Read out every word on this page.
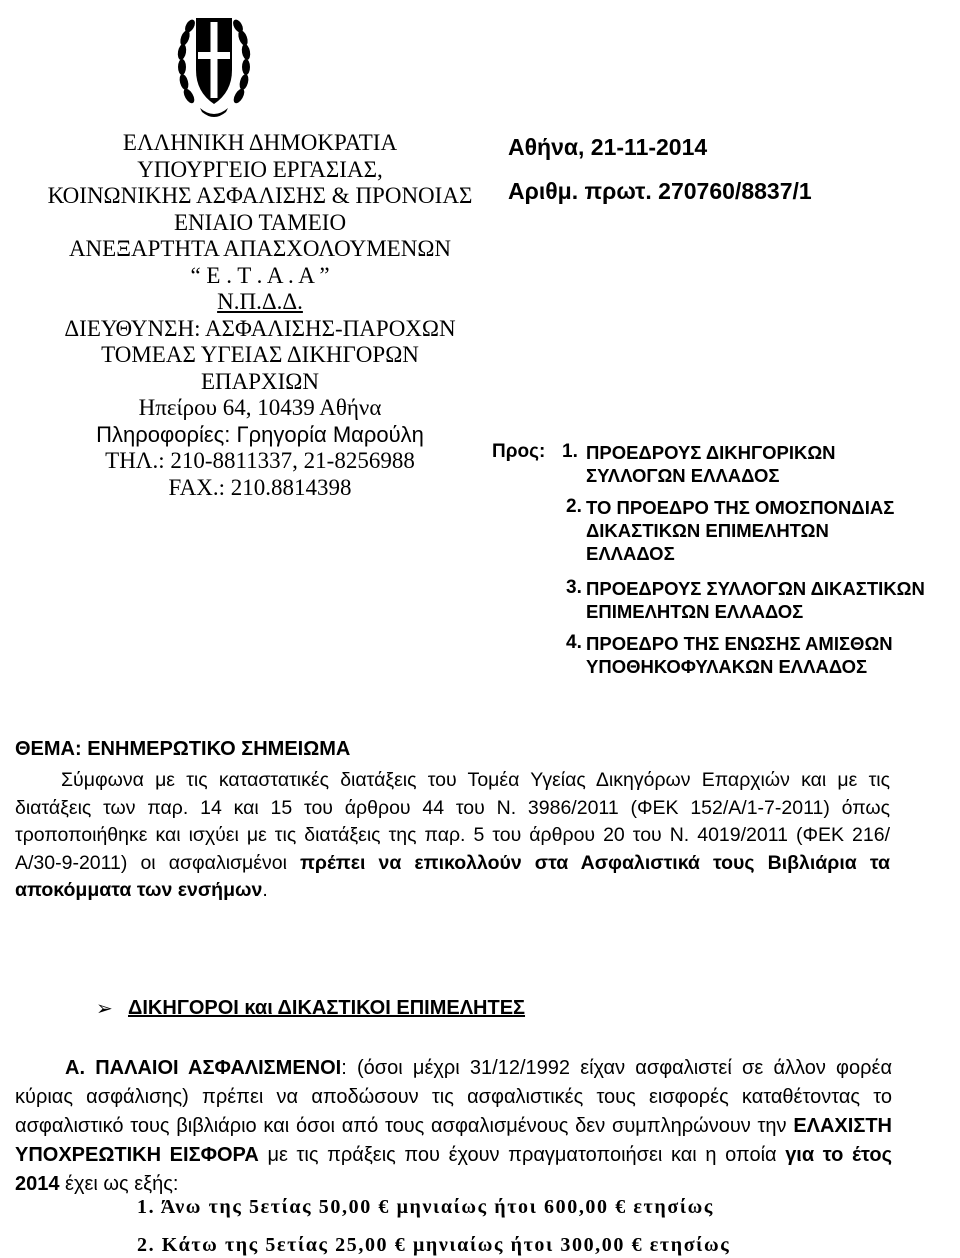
ΕΛΛΗΝΙΚΗ ΔΗΜΟΚΡΑΤΙΑ
ΥΠΟΥΡΓΕΙΟ ΕΡΓΑΣΙΑΣ,
ΚΟΙΝΩΝΙΚΗΣ ΑΣΦΑΛΙΣΗΣ & ΠΡΟΝΟΙΑΣ
ΕΝΙΑΙΟ ΤΑΜΕΙΟ
ΑΝΕΞΑΡΤΗΤΑ ΑΠΑΣΧΟΛΟΥΜΕΝΩΝ
“ Ε . Τ . Α . Α ”
Ν.Π.Δ.Δ.
ΔΙΕΥΘΥΝΣΗ: ΑΣΦΑΛΙΣΗΣ-ΠΑΡΟΧΩΝ
ΤΟΜΕΑΣ ΥΓΕΙΑΣ ΔΙΚΗΓΟΡΩΝ
ΕΠΑΡΧΙΩΝ
Ηπείρου 64, 10439 Αθήνα
Πληροφορίες: Γρηγορία Μαρούλη
ΤΗΛ.: 210-8811337, 21-8256988
FAX.: 210.8814398
Αθήνα, 21-11-2014
Αριθμ. πρωτ. 270760/8837/1
Προς: 1. ΠΡΟΕΔΡΟΥΣ ΔΙΚΗΓΟΡΙΚΩΝ
ΣΥΛΛΟΓΩΝ ΕΛΛΑΔΟΣ
2. ΤΟ ΠΡΟΕΔΡΟ ΤΗΣ ΟΜΟΣΠΟΝΔΙΑΣ
ΔΙΚΑΣΤΙΚΩΝ ΕΠΙΜΕΛΗΤΩΝ
ΕΛΛΑΔΟΣ
3. ΠΡΟΕΔΡΟΥΣ ΣΥΛΛΟΓΩΝ ΔΙΚΑΣΤΙΚΩΝ
ΕΠΙΜΕΛΗΤΩΝ ΕΛΛΑΔΟΣ
4. ΠΡΟΕΔΡΟ ΤΗΣ ΕΝΩΣΗΣ ΑΜΙΣΘΩΝ
ΥΠΟΘΗΚΟΦΥΛΑΚΩΝ ΕΛΛΑΔΟΣ
ΘΕΜΑ: ΕΝΗΜΕΡΩΤΙΚΟ ΣΗΜΕΙΩΜΑ
Σύμφωνα με τις καταστατικές διατάξεις του Τομέα Υγείας Δικηγόρων Επαρχιών και με τις διατάξεις των παρ. 14 και 15 του άρθρου 44 του Ν. 3986/2011 (ΦΕΚ 152/Α/1-7-2011) όπως τροποποιήθηκε και ισχύει με τις διατάξεις της παρ. 5 του άρθρου 20 του Ν. 4019/2011 (ΦΕΚ 216/Α/30-9-2011) οι ασφαλισμένοι πρέπει να επικολλούν στα Ασφαλιστικά τους Βιβλιάρια τα αποκόμματα των ενσήμων.
➢ ΔΙΚΗΓΟΡΟΙ και ΔΙΚΑΣΤΙΚΟΙ ΕΠΙΜΕΛΗΤΕΣ
Α. ΠΑΛΑΙΟΙ ΑΣΦΑΛΙΣΜΕΝΟΙ: (όσοι μέχρι 31/12/1992 είχαν ασφαλιστεί σε άλλον φορέα κύριας ασφάλισης) πρέπει να αποδώσουν τις ασφαλιστικές τους εισφορές καταθέτοντας το ασφαλιστικό τους βιβλιάριο και όσοι από τους ασφαλισμένους δεν συμπληρώνουν την ΕΛΑΧΙΣΤΗ ΥΠΟΧΡΕΩΤΙΚΗ ΕΙΣΦΟΡΑ με τις πράξεις που έχουν πραγματοποιήσει και η οποία για το έτος 2014 έχει ως εξής:
1. Άνω της 5ετίας 50,00 € μηνιαίως ήτοι 600,00 € ετησίως
2. Κάτω της 5ετίας 25,00 € μηνιαίως ήτοι 300,00 € ετησίως
